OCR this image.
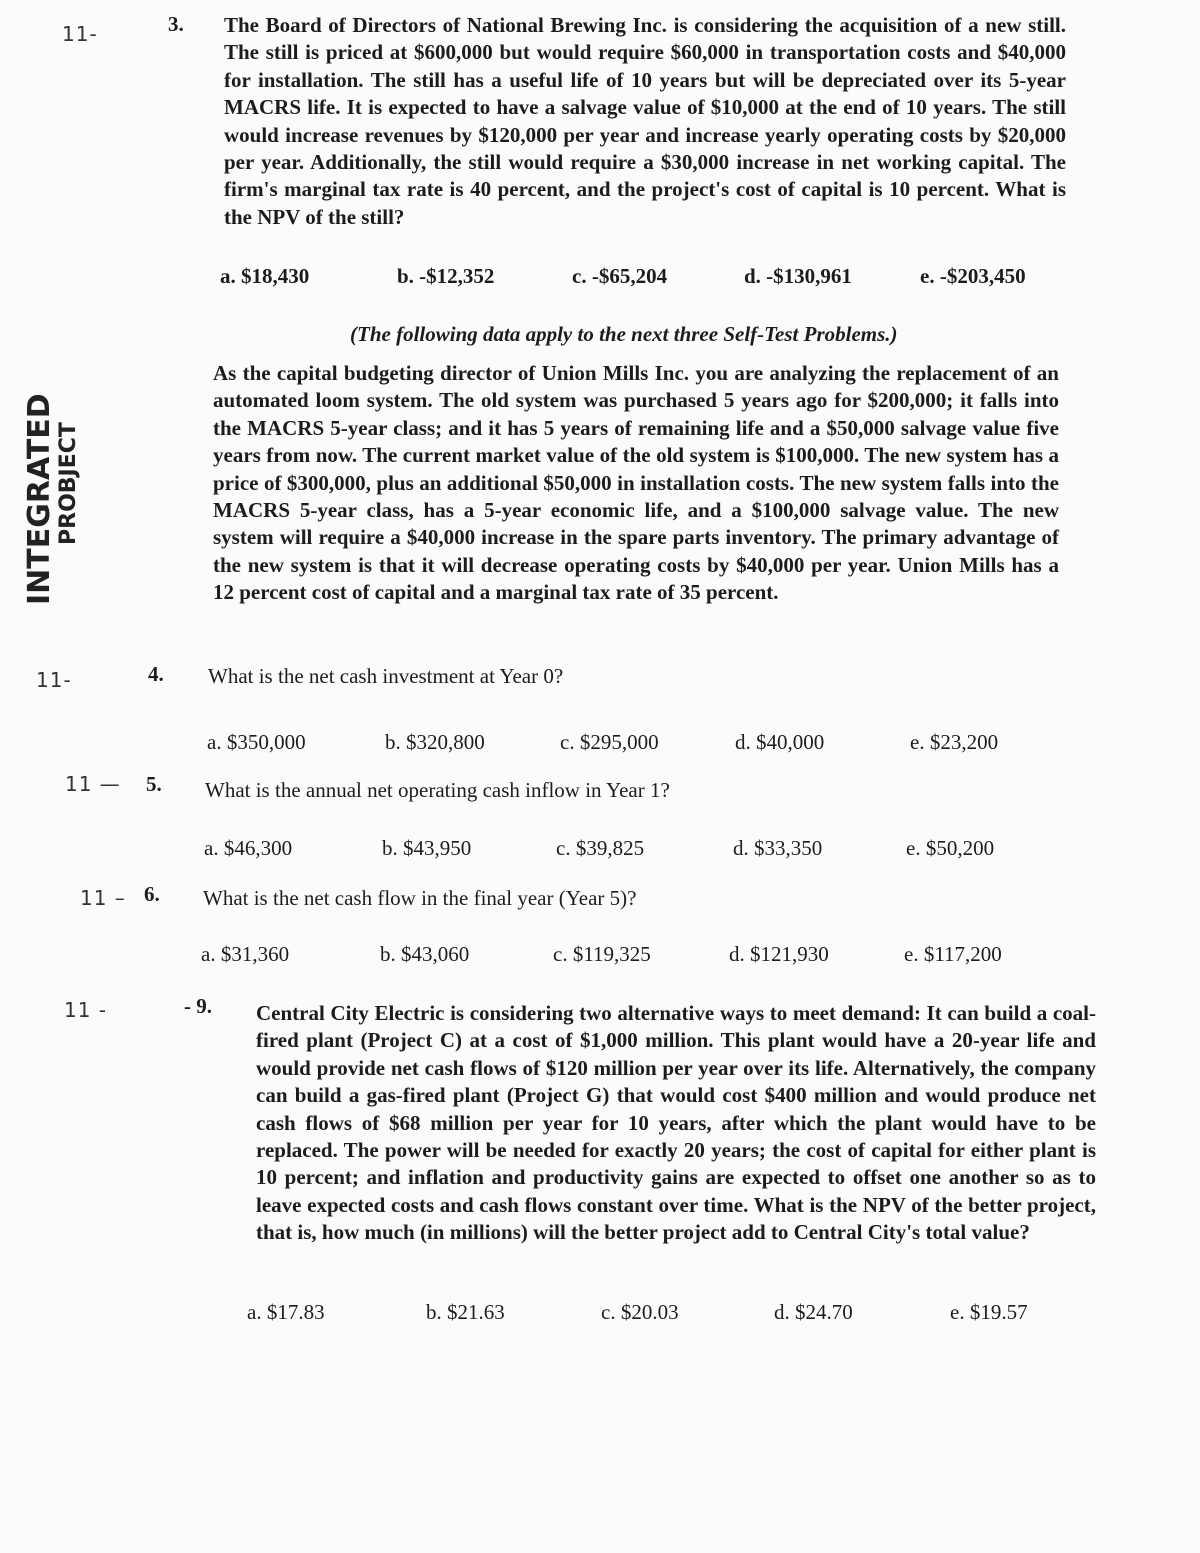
INTEGRATED PROBJECT
11-	3. The Board of Directors of National Brewing Inc. is considering the acquisition of a new still. The still is priced at $600,000 but would require $60,000 in transportation costs and $40,000 for installation. The still has a useful life of 10 years but will be depreciated over its 5-year MACRS life. It is expected to have a salvage value of $10,000 at the end of 10 years. The still would increase revenues by $120,000 per year and increase yearly operating costs by $20,000 per year. Additionally, the still would require a $30,000 increase in net working capital. The firm's marginal tax rate is 40 percent, and the project's cost of capital is 10 percent. What is the NPV of the still?
a. $18,430	b. -$12,352	c. -$65,204	d. -$130,961	e. -$203,450
(The following data apply to the next three Self-Test Problems.)
As the capital budgeting director of Union Mills Inc. you are analyzing the replacement of an automated loom system. The old system was purchased 5 years ago for $200,000; it falls into the MACRS 5-year class; and it has 5 years of remaining life and a $50,000 salvage value five years from now. The current market value of the old system is $100,000. The new system has a price of $300,000, plus an additional $50,000 in installation costs. The new system falls into the MACRS 5-year class, has a 5-year economic life, and a $100,000 salvage value. The new system will require a $40,000 increase in the spare parts inventory. The primary advantage of the new system is that it will decrease operating costs by $40,000 per year. Union Mills has a 12 percent cost of capital and a marginal tax rate of 35 percent.
11-	4. What is the net cash investment at Year 0?
a. $350,000	b. $320,800	c. $295,000	d. $40,000	e. $23,200
11 — 5. What is the annual net operating cash inflow in Year 1?
a. $46,300	b. $43,950	c. $39,825	d. $33,350	e. $50,200
11 – 6. What is the net cash flow in the final year (Year 5)?
a. $31,360	b. $43,060	c. $119,325	d. $121,930	e. $117,200
11 -	- 9. Central City Electric is considering two alternative ways to meet demand: It can build a coal-fired plant (Project C) at a cost of $1,000 million. This plant would have a 20-year life and would provide net cash flows of $120 million per year over its life. Alternatively, the company can build a gas-fired plant (Project G) that would cost $400 million and would produce net cash flows of $68 million per year for 10 years, after which the plant would have to be replaced. The power will be needed for exactly 20 years; the cost of capital for either plant is 10 percent; and inflation and productivity gains are expected to offset one another so as to leave expected costs and cash flows constant over time. What is the NPV of the better project, that is, how much (in millions) will the better project add to Central City's total value?
a. $17.83	b. $21.63	c. $20.03	d. $24.70	e. $19.57
